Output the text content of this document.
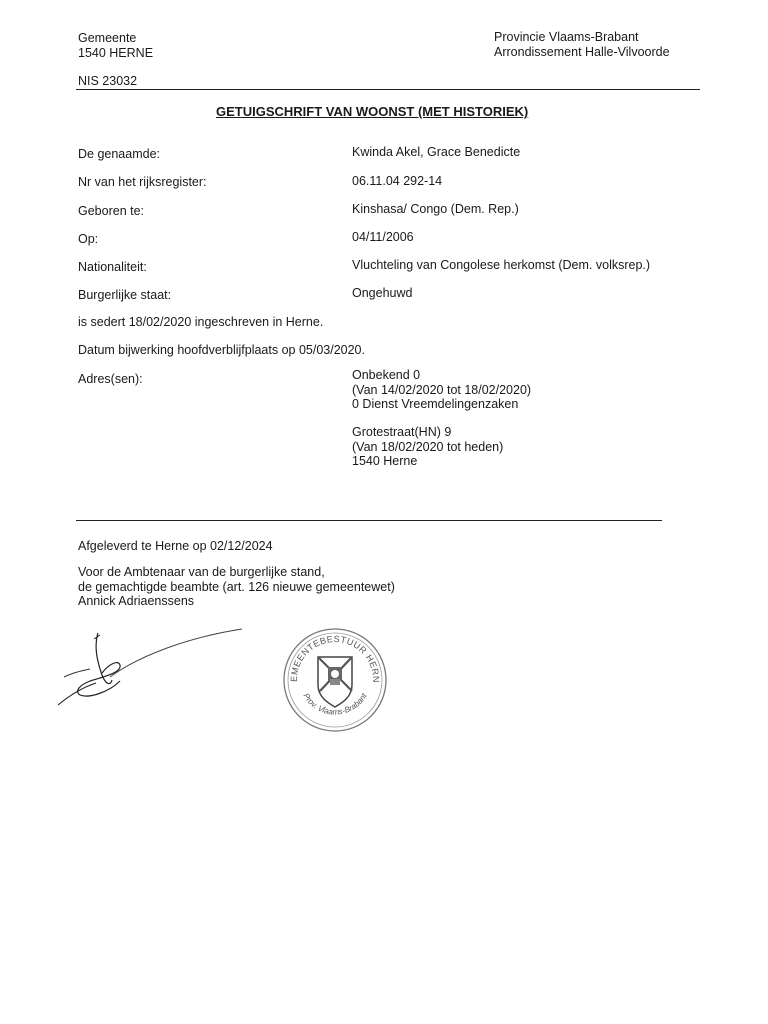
Gemeente
1540 HERNE
Provincie Vlaams-Brabant
Arrondissement Halle-Vilvoorde
NIS 23032
GETUIGSCHRIFT VAN WOONST (MET HISTORIEK)
De genaamde:	Kwinda Akel, Grace Benedicte
Nr van het rijksregister:	06.11.04 292-14
Geboren te:	Kinshasa/ Congo (Dem. Rep.)
Op:	04/11/2006
Nationaliteit:	Vluchteling van Congolese herkomst (Dem. volksrep.)
Burgerlijke staat:	Ongehuwd
is sedert 18/02/2020 ingeschreven in Herne.
Datum bijwerking hoofdverblijfplaats op 05/03/2020.
Adres(sen):	Onbekend 0
(Van 14/02/2020 tot 18/02/2020)
0 Dienst Vreemdelingenzaken
Grotestraat(HN) 9
(Van 18/02/2020 tot heden)
1540 Herne
Afgeleverd te Herne op 02/12/2024
Voor de Ambtenaar van de burgerlijke stand,
de gemachtigde beambte (art. 126 nieuwe gemeentewet)
Annick Adriaenssens
GEMEENTEBESTUUR HERNE
Prov. Vlaams-Brabant
